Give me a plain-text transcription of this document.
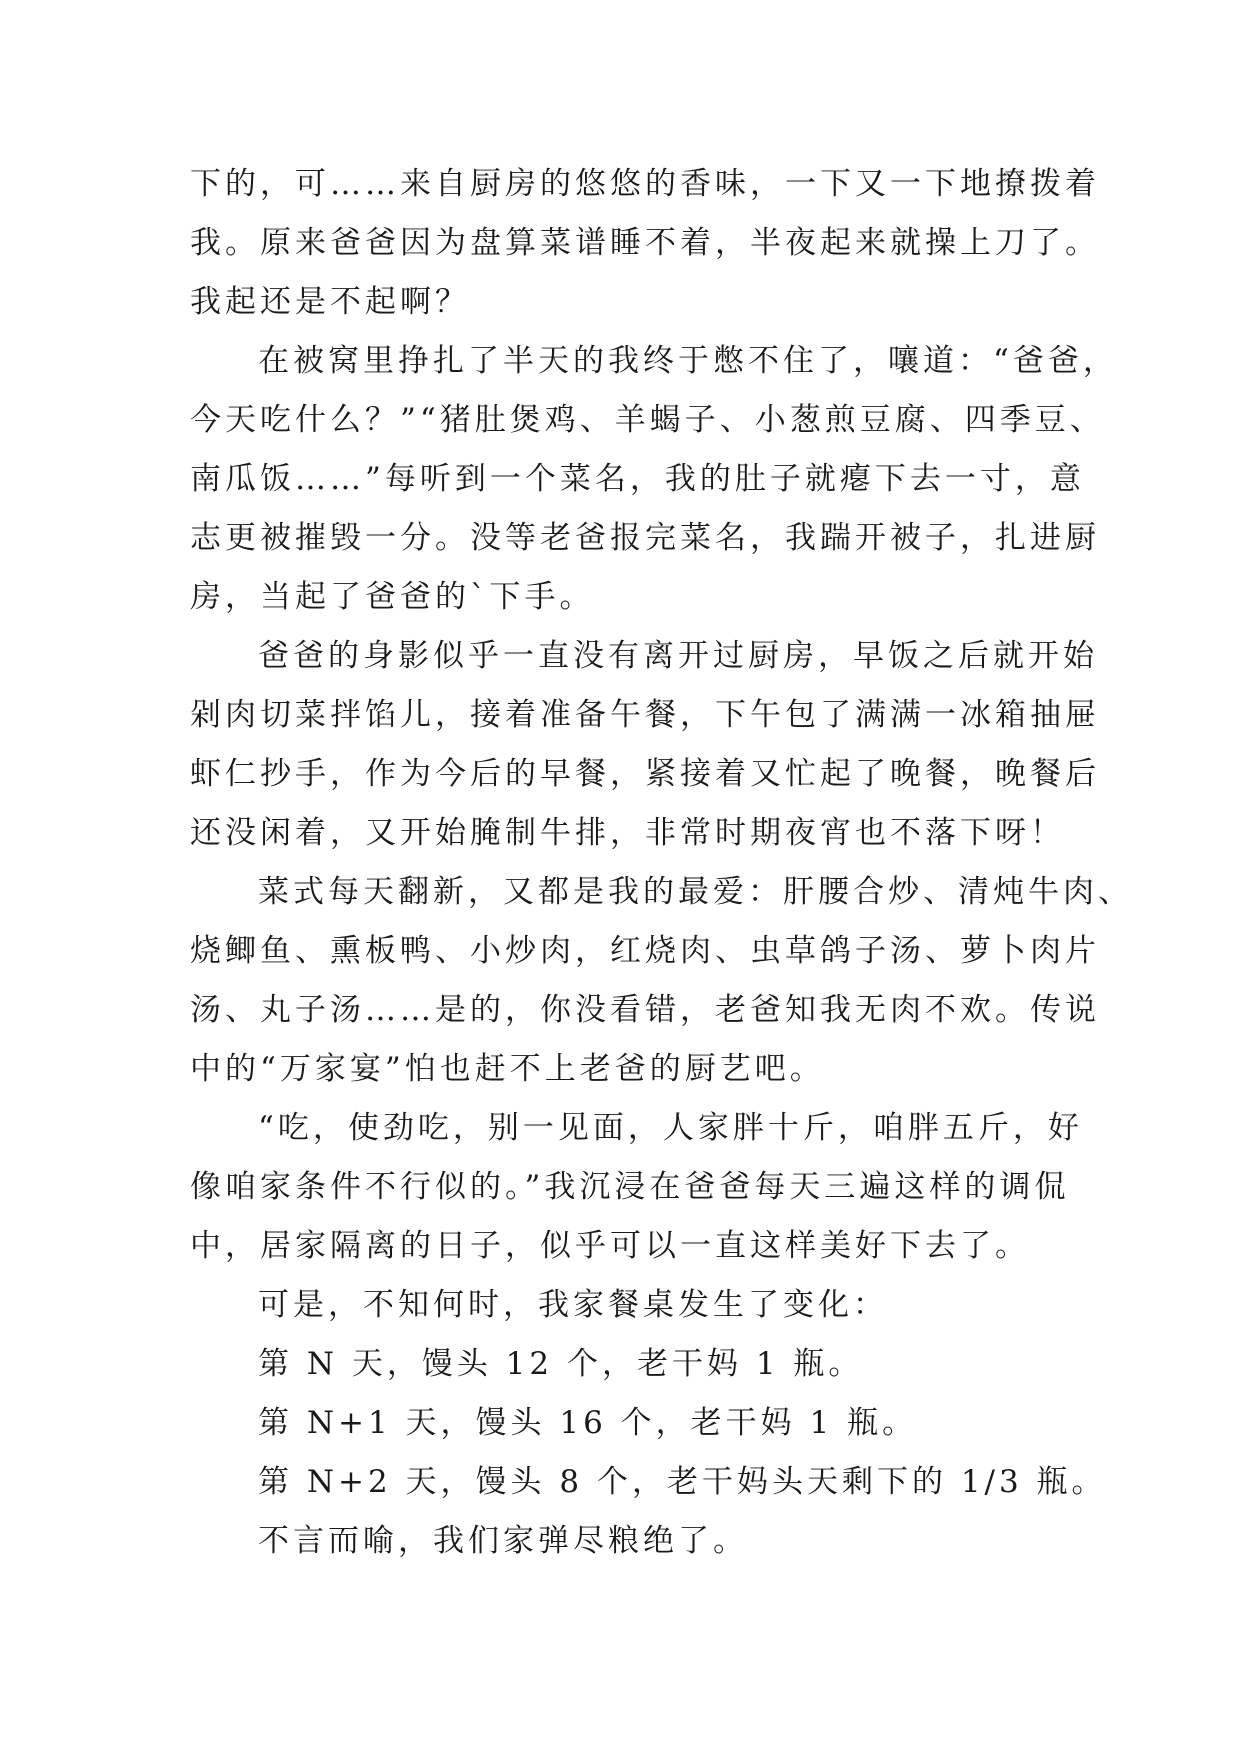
下的，可……来自厨房的悠悠的香味，一下又一下地撩拨着
我。原来爸爸因为盘算菜谱睡不着，半夜起来就操上刀了。
我起还是不起啊？
在被窝里挣扎了半天的我终于憋不住了，嚷道：“爸爸，
今天吃什么？”“猪肚煲鸡、羊蝎子、小葱煎豆腐、四季豆、
南瓜饭……”每听到一个菜名，我的肚子就瘪下去一寸，意
志更被摧毁一分。没等老爸报完菜名，我踹开被子，扎进厨
房，当起了爸爸的`下手。
爸爸的身影似乎一直没有离开过厨房，早饭之后就开始
剁肉切菜拌馅儿，接着准备午餐，下午包了满满一冰箱抽屉
虾仁抄手，作为今后的早餐，紧接着又忙起了晚餐，晚餐后
还没闲着，又开始腌制牛排，非常时期夜宵也不落下呀！
菜式每天翻新，又都是我的最爱：肝腰合炒、清炖牛肉、
烧鲫鱼、熏板鸭、小炒肉，红烧肉、虫草鸽子汤、萝卜肉片
汤、丸子汤……是的，你没看错，老爸知我无肉不欢。传说
中的“万家宴”怕也赶不上老爸的厨艺吧。
“吃，使劲吃，别一见面，人家胖十斤，咱胖五斤，好
像咱家条件不行似的。”我沉浸在爸爸每天三遍这样的调侃
中，居家隔离的日子，似乎可以一直这样美好下去了。
可是，不知何时，我家餐桌发生了变化：
第 N 天，馒头 12 个，老干妈 1 瓶。
第 N+1 天，馒头 16 个，老干妈 1 瓶。
第 N+2 天，馒头 8 个，老干妈头天剩下的 1/3 瓶。
不言而喻，我们家弹尽粮绝了。
